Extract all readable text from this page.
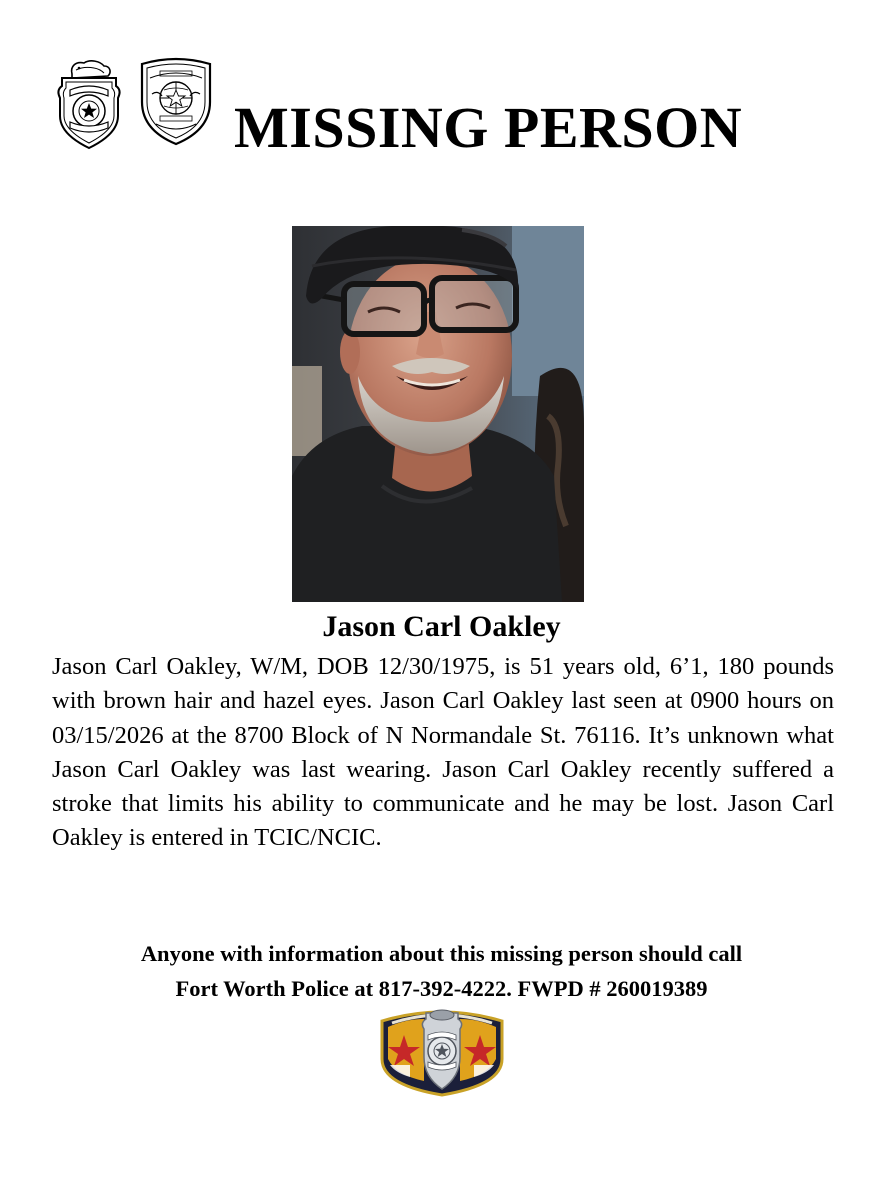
MISSING PERSON
Jason Carl Oakley

Jason Carl Oakley, W/M, DOB 12/30/1975, is 51 years old, 6’1, 180 pounds with brown hair and hazel eyes. Jason Carl Oakley last seen at 0900 hours on 03/15/2026 at the 8700 Block of N Normandale St. 76116. It’s unknown what Jason Carl Oakley was last wearing. Jason Carl Oakley recently suffered a stroke that limits his ability to communicate and he may be lost. Jason Carl Oakley is entered in TCIC/NCIC.

Anyone with information about this missing person should call
Fort Worth Police at 817-392-4222. FWPD # 260019389
